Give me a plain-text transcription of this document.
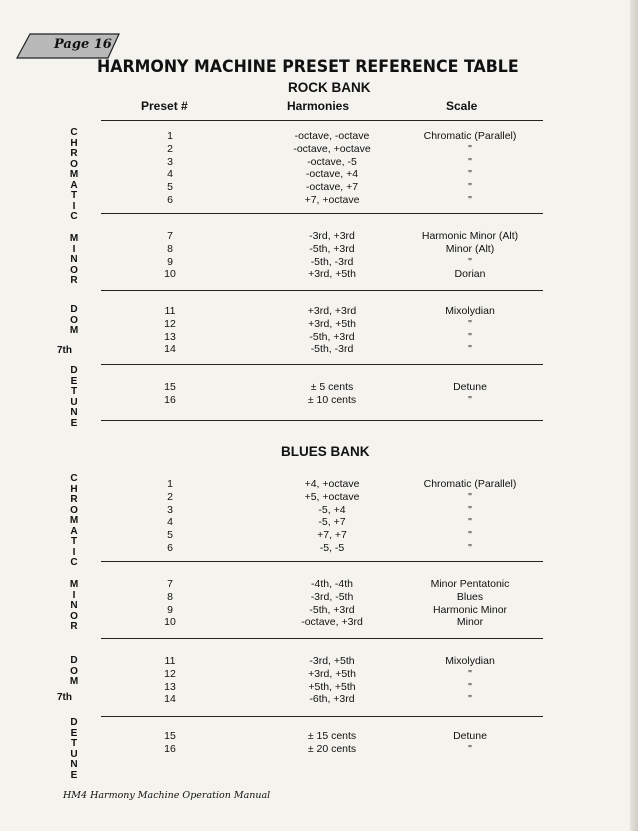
Page 16
HARMONY MACHINE PRESET REFERENCE TABLE
ROCK BANK
Preset #	Harmonies	Scale
BLUES BANK
C
H
R
O
M
A
T
I
C
1	-octave, -octave	Chromatic (Parallel)
2	-octave, +octave	"
3	-octave, -5	"
4	-octave, +4	"
5	-octave, +7	"
6	+7, +octave	"
M
I
N
O
R
7	-3rd, +3rd	Harmonic Minor (Alt)
8	-5th, +3rd	Minor (Alt)
9	-5th, -3rd	"
10	+3rd, +5th	Dorian
D
O
M
7th
11	+3rd, +3rd	Mixolydian
12	+3rd, +5th	"
13	-5th, +3rd	"
14	-5th, -3rd	"
D
E
T
U
N
E
15	± 5 cents	Detune
16	± 10 cents	"
C
H
R
O
M
A
T
I
C
1	+4, +octave	Chromatic (Parallel)
2	+5, +octave	"
3	-5, +4	"
4	-5, +7	"
5	+7, +7	"
6	-5, -5	"
M
I
N
O
R
7	-4th, -4th	Minor Pentatonic
8	-3rd, -5th	Blues
9	-5th, +3rd	Harmonic Minor
10	-octave, +3rd	Minor
D
O
M
7th
11	-3rd, +5th	Mixolydian
12	+3rd, +5th	"
13	+5th, +5th	"
14	-6th, +3rd	"
D
E
T
U
N
E
15	± 15 cents	Detune
16	± 20 cents	"
HM4 Harmony Machine Operation Manual
